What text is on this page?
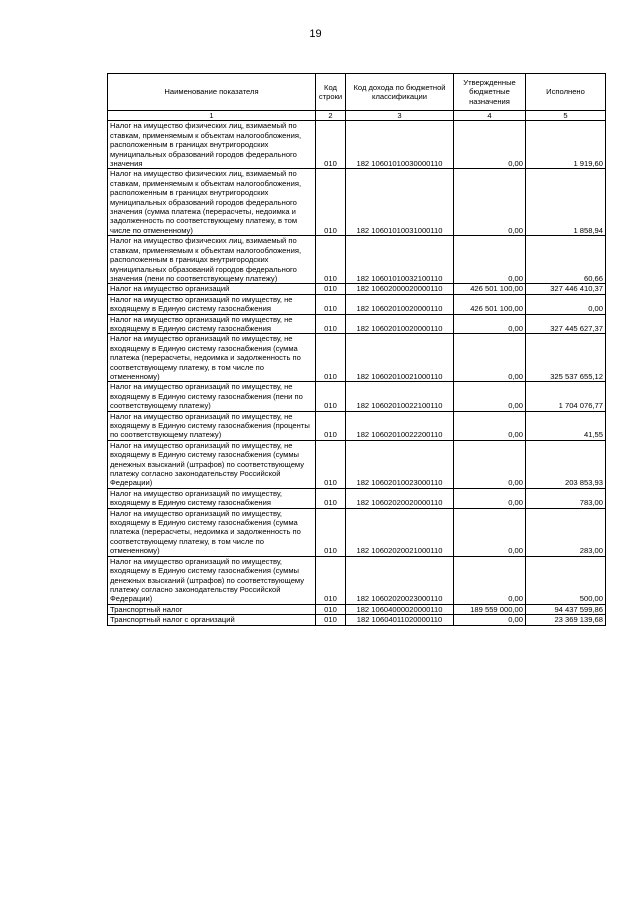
19
Наименование показателя	Код строки	Код дохода по бюджетной классификации	Утвержденные бюджетные назначения	Исполнено
1	2	3	4	5
Налог на имущество физических лиц, взимаемый по ставкам, применяемым к объектам налогообложения, расположенным в границах внутригородских муниципальных образований городов федерального значения	010	182 10601010030000110	0,00	1 919,60
Налог на имущество физических лиц, взимаемый по ставкам, применяемым к объектам налогообложения, расположенным в границах внутригородских муниципальных образований городов федерального значения (сумма платежа (перерасчеты, недоимка и задолженность по соответствующему платежу, в том числе по отмененному)	010	182 10601010031000110	0,00	1 858,94
Налог на имущество физических лиц, взимаемый по ставкам, применяемым к объектам налогообложения, расположенным в границах внутригородских муниципальных образований городов федерального значения (пени по соответствующему платежу)	010	182 10601010032100110	0,00	60,66
Налог на имущество организаций	010	182 10602000020000110	426 501 100,00	327 446 410,37
Налог на имущество организаций по имуществу, не входящему в Единую систему газоснабжения	010	182 10602010020000110	426 501 100,00	0,00
Налог на имущество организаций по имуществу, не входящему в Единую систему газоснабжения	010	182 10602010020000110	0,00	327 445 627,37
Налог на имущество организаций по имуществу, не входящему в Единую систему газоснабжения (сумма платежа (перерасчеты, недоимка и задолженность по соответствующему платежу, в том числе по отмененному)	010	182 10602010021000110	0,00	325 537 655,12
Налог на имущество организаций по имуществу, не входящему в Единую систему газоснабжения (пени по соответствующему платежу)	010	182 10602010022100110	0,00	1 704 076,77
Налог на имущество организаций по имуществу, не входящему в Единую систему газоснабжения (проценты по соответствующему платежу)	010	182 10602010022200110	0,00	41,55
Налог на имущество организаций по имуществу, не входящему в Единую систему газоснабжения (суммы денежных взысканий (штрафов) по соответствующему платежу согласно законодательству Российской Федерации)	010	182 10602010023000110	0,00	203 853,93
Налог на имущество организаций по имуществу, входящему в Единую систему газоснабжения	010	182 10602020020000110	0,00	783,00
Налог на имущество организаций по имуществу, входящему в Единую систему газоснабжения (сумма платежа (перерасчеты, недоимка и задолженность по соответствующему платежу, в том числе по отмененному)	010	182 10602020021000110	0,00	283,00
Налог на имущество организаций по имуществу, входящему в Единую систему газоснабжения (суммы денежных взысканий (штрафов) по соответствующему платежу согласно законодательству Российской Федерации)	010	182 10602020023000110	0,00	500,00
Транспортный налог	010	182 10604000020000110	189 559 000,00	94 437 599,86
Транспортный налог с организаций	010	182 10604011020000110	0,00	23 369 139,68
